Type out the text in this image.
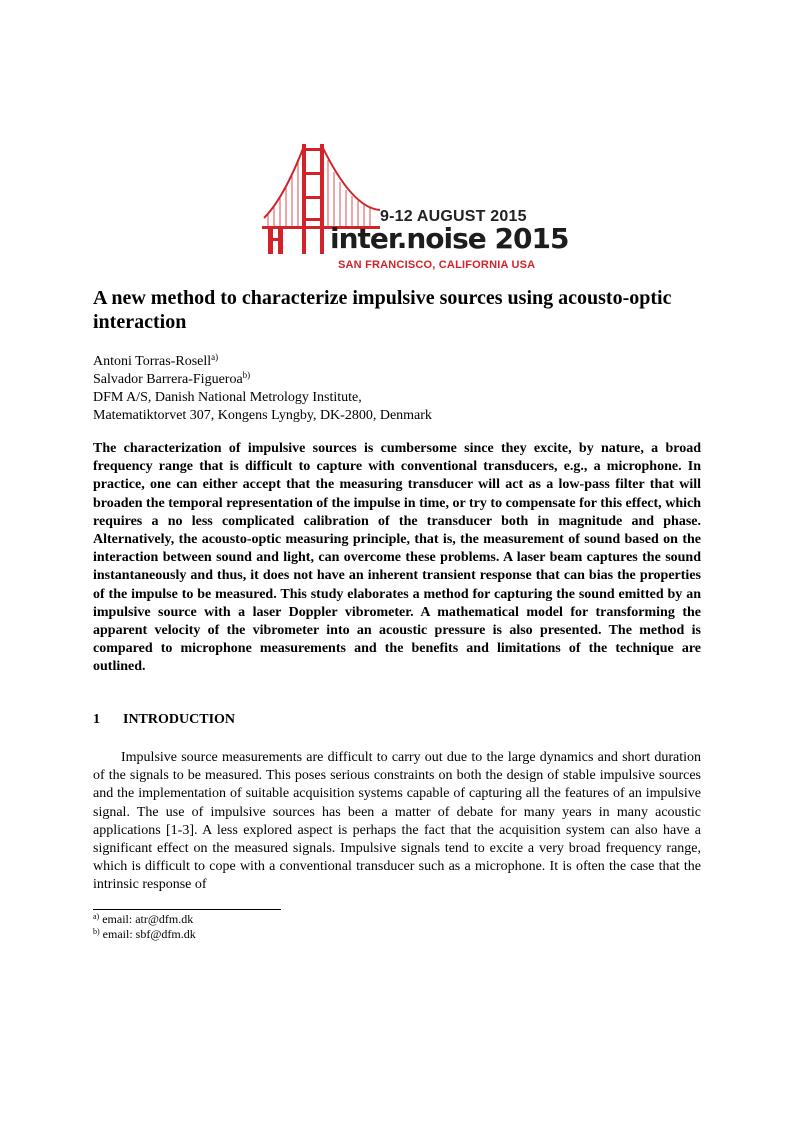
9-12 AUGUST 2015
inter.noise 2015
SAN FRANCISCO, CALIFORNIA USA
A new method to characterize impulsive sources using acousto-optic interaction
Antoni Torras-Rosell$^{a)}$
Salvador Barrera-Figueroa$^{b)}$
DFM A/S, Danish National Metrology Institute,
Matematiktorvet 307, Kongens Lyngby, DK-2800, Denmark

The characterization of impulsive sources is cumbersome since they excite, by nature, a broad frequency range that is difficult to capture with conventional transducers, e.g., a microphone. In practice, one can either accept that the measuring transducer will act as a low-pass filter that will broaden the temporal representation of the impulse in time, or try to compensate for this effect, which requires a no less complicated calibration of the transducer both in magnitude and phase. Alternatively, the acousto-optic measuring principle, that is, the measurement of sound based on the interaction between sound and light, can overcome these problems. A laser beam captures the sound instantaneously and thus, it does not have an inherent transient response that can bias the properties of the impulse to be measured. This study elaborates a method for capturing the sound emitted by an impulsive source with a laser Doppler vibrometer. A mathematical model for transforming the apparent velocity of the vibrometer into an acoustic pressure is also presented. The method is compared to microphone measurements and the benefits and limitations of the technique are outlined.

1 INTRODUCTION

Impulsive source measurements are difficult to carry out due to the large dynamics and short duration of the signals to be measured. This poses serious constraints on both the design of stable impulsive sources and the implementation of suitable acquisition systems capable of capturing all the features of an impulsive signal. The use of impulsive sources has been a matter of debate for many years in many acoustic applications [1-3]. A less explored aspect is perhaps the fact that the acquisition system can also have a significant effect on the measured signals. Impulsive signals tend to excite a very broad frequency range, which is difficult to cope with a conventional transducer such as a microphone. It is often the case that the intrinsic response of

$^{a)}$ email: atr@dfm.dk
$^{b)}$ email: sbf@dfm.dk
